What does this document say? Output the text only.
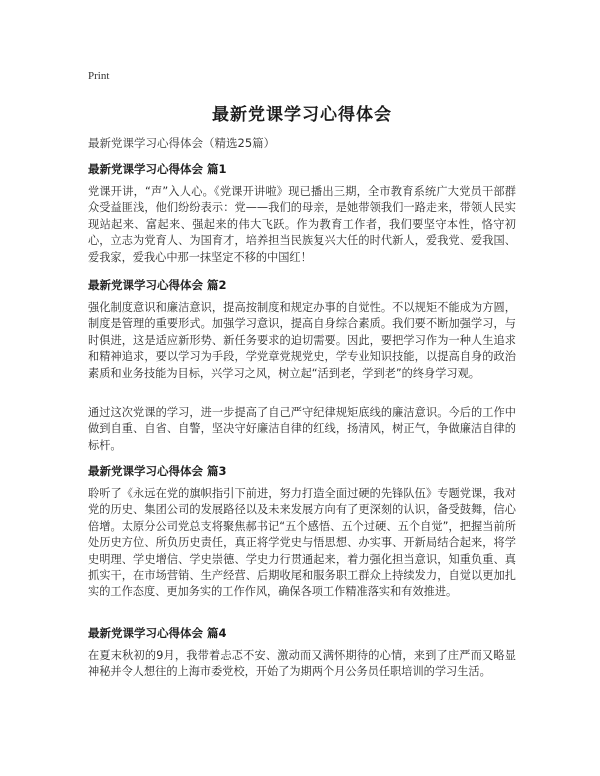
Print
最新党课学习心得体会
最新党课学习心得体会（精选25篇）
最新党课学习心得体会 篇1
党课开讲，“声”入人心。《党课开讲啦》现已播出三期，全市教育系统广大党员干部群众受益匪浅，他们纷纷表示：党——我们的母亲，是她带领我们一路走来，带领人民实现站起来、富起来、强起来的伟大飞跃。作为教育工作者，我们要坚守本性，恪守初心，立志为党育人、为国育才，培养担当民族复兴大任的时代新人，爱我党、爱我国、爱我家，爱我心中那一抹坚定不移的中国红！
最新党课学习心得体会 篇2
强化制度意识和廉洁意识，提高按制度和规定办事的自觉性。不以规矩不能成为方圆，制度是管理的重要形式。加强学习意识，提高自身综合素质。我们要不断加强学习，与时俱进，这是适应新形势、新任务要求的迫切需要。因此，要把学习作为一种人生追求和精神追求，要以学习为手段，学党章党规党史，学专业知识技能，以提高自身的政治素质和业务技能为目标，兴学习之风，树立起“活到老，学到老”的终身学习观。
通过这次党课的学习，进一步提高了自己严守纪律规矩底线的廉洁意识。今后的工作中做到自重、自省、自警，坚决守好廉洁自律的红线，扬清风，树正气，争做廉洁自律的标杆。
最新党课学习心得体会 篇3
聆听了《永远在党的旗帜指引下前进，努力打造全面过硬的先锋队伍》专题党课，我对党的历史、集团公司的发展路径以及未来发展方向有了更深刻的认识，备受鼓舞，信心倍增。太原分公司党总支将聚焦郝书记“五个感悟、五个过硬、五个自觉”，把握当前所处历史方位、所负历史责任，真正将学党史与悟思想、办实事、开新局结合起来，将学史明理、学史增信、学史崇德、学史力行贯通起来，着力强化担当意识，知重负重、真抓实干，在市场营销、生产经营、后期收尾和服务职工群众上持续发力，自觉以更加扎实的工作态度、更加务实的工作作风，确保各项工作精准落实和有效推进。
最新党课学习心得体会 篇4
在夏末秋初的9月，我带着忐忑不安、激动而又满怀期待的心情，来到了庄严而又略显神秘并令人想往的上海市委党校，开始了为期两个月公务员任职培训的学习生活。
